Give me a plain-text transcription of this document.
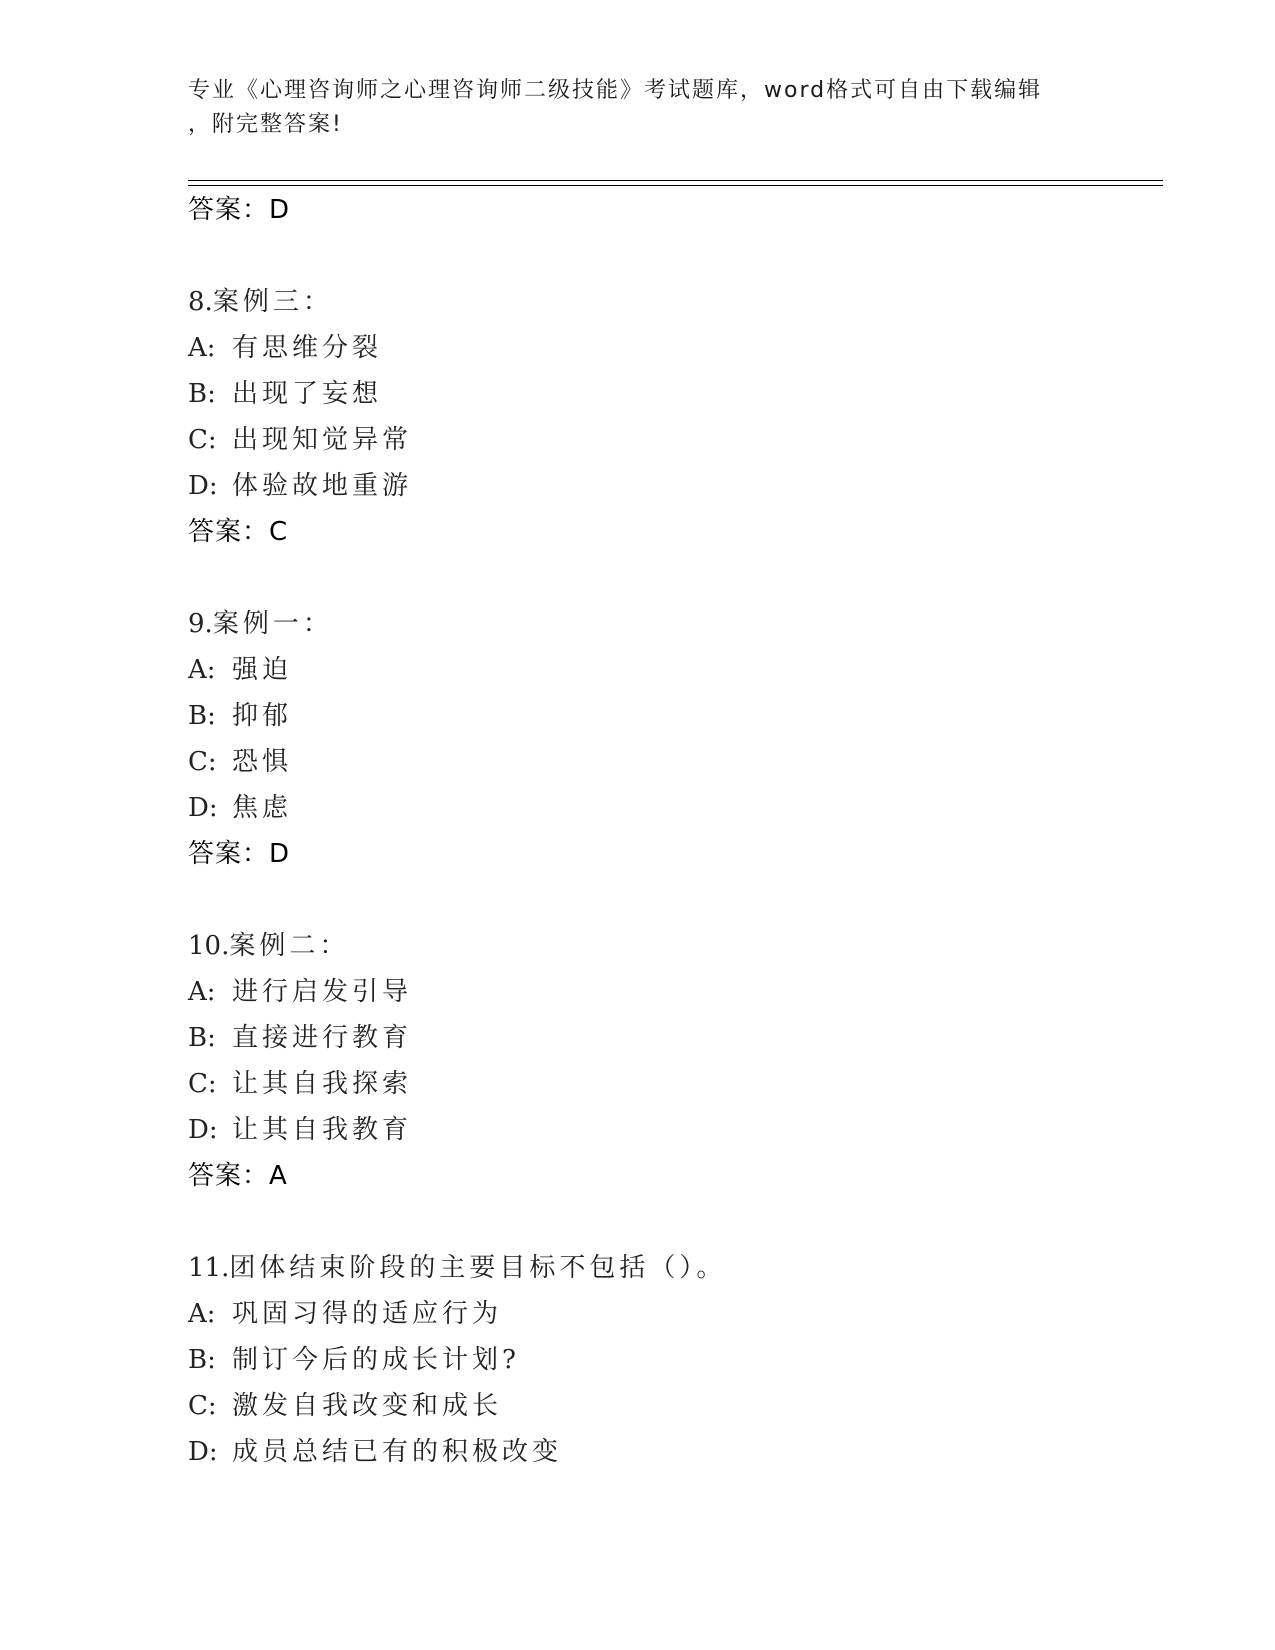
专业《心理咨询师之心理咨询师二级技能》考试题库，word格式可自由下载编辑
，附完整答案!
答案：D
8.案例三：
A: 有思维分裂
B: 出现了妄想
C: 出现知觉异常
D: 体验故地重游
答案：C
9.案例一：
A: 强迫
B: 抑郁
C: 恐惧
D: 焦虑
答案：D
10.案例二：
A: 进行启发引导
B: 直接进行教育
C: 让其自我探索
D: 让其自我教育
答案：A
11.团体结束阶段的主要目标不包括（）。
A: 巩固习得的适应行为
B: 制订今后的成长计划?
C: 激发自我改变和成长
D: 成员总结已有的积极改变
